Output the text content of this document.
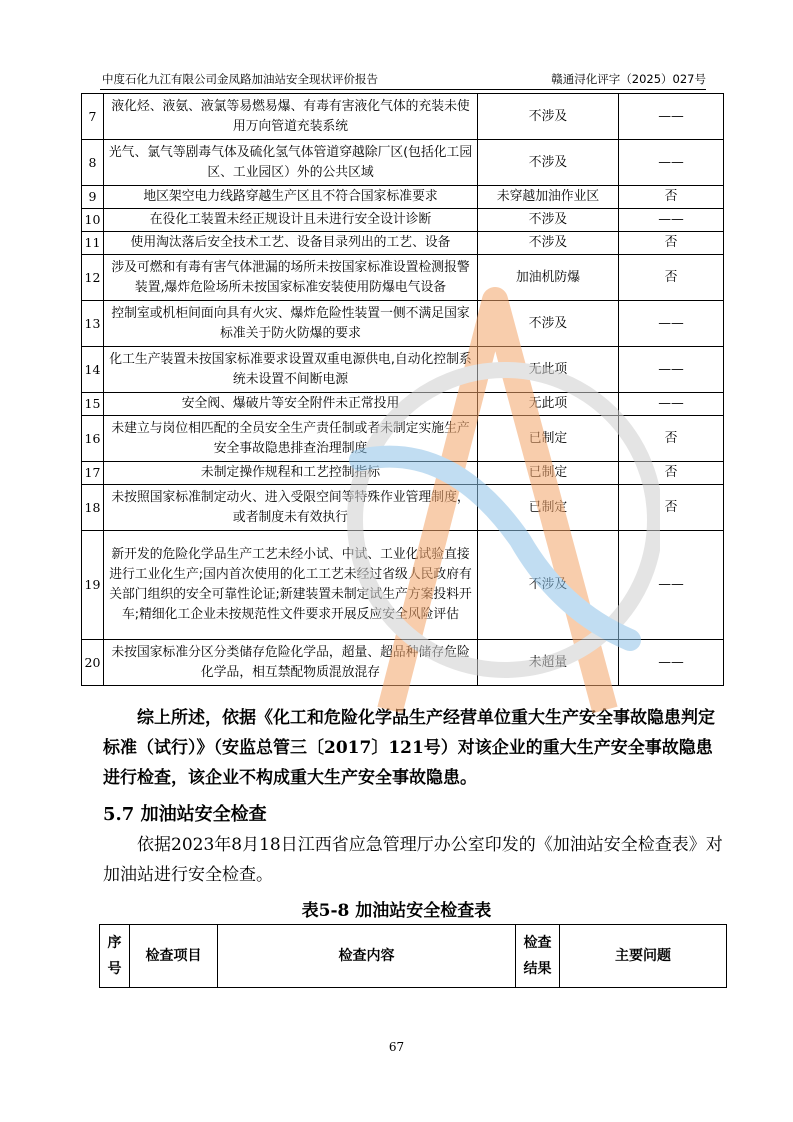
中度石化九江有限公司金凤路加油站安全现状评价报告	赣通浔化评字（2025）027号
7	液化烃、液氨、液氯等易燃易爆、有毒有害液化气体的充装未使用万向管道充装系统	不涉及	——
8	光气、氯气等剧毒气体及硫化氢气体管道穿越除厂区(包括化工园区、工业园区）外的公共区域	不涉及	——
9	地区架空电力线路穿越生产区且不符合国家标准要求	未穿越加油作业区	否
10	在役化工装置未经正规设计且未进行安全设计诊断	不涉及	——
11	使用淘汰落后安全技术工艺、设备目录列出的工艺、设备	不涉及	否
12	涉及可燃和有毒有害气体泄漏的场所未按国家标准设置检测报警装置,爆炸危险场所未按国家标准安装使用防爆电气设备	加油机防爆	否
13	控制室或机柜间面向具有火灾、爆炸危险性装置一侧不满足国家标准关于防火防爆的要求	不涉及	——
14	化工生产装置未按国家标准要求设置双重电源供电,自动化控制系统未设置不间断电源	无此项	——
15	安全阀、爆破片等安全附件未正常投用	无此项	——
16	未建立与岗位相匹配的全员安全生产责任制或者未制定实施生产安全事故隐患排查治理制度	已制定	否
17	未制定操作规程和工艺控制指标	已制定	否
18	未按照国家标准制定动火、进入受限空间等特殊作业管理制度，或者制度未有效执行	已制定	否
19	新开发的危险化学品生产工艺未经小试、中试、工业化试验直接进行工业化生产;国内首次使用的化工工艺未经过省级人民政府有关部门组织的安全可靠性论证;新建装置未制定试生产方案投料开车;精细化工企业未按规范性文件要求开展反应安全风险评估	不涉及	——
20	未按国家标准分区分类储存危险化学品，超量、超品种储存危险化学品，相互禁配物质混放混存	未超量	——
综上所述，依据《化工和危险化学品生产经营单位重大生产安全事故隐患判定标准（试行）》（安监总管三〔2017〕121号）对该企业的重大生产安全事故隐患进行检查，该企业不构成重大生产安全事故隐患。
5.7 加油站安全检查
依据2023年8月18日江西省应急管理厅办公室印发的《加油站安全检查表》对加油站进行安全检查。
表5-8 加油站安全检查表
序号	检查项目	检查内容	检查结果	主要问题
67
